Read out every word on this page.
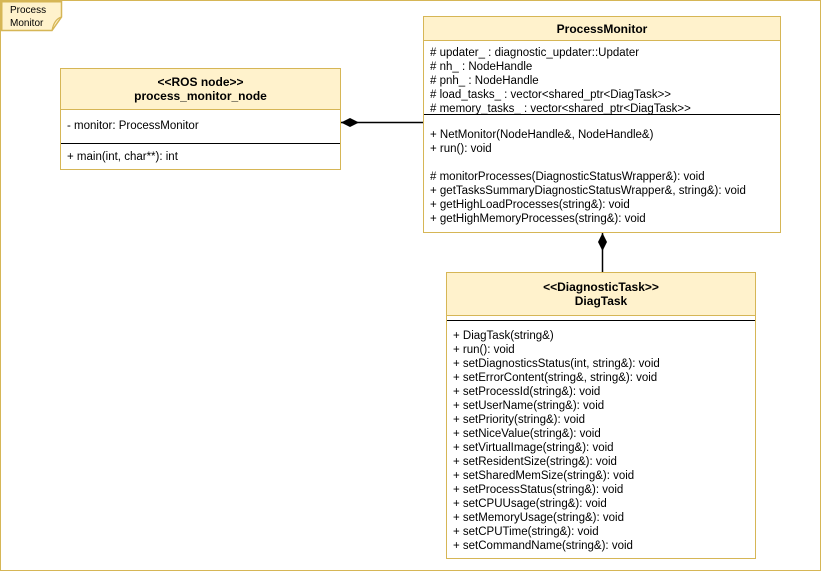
Process
Monitor
<<ROS node>>
process_monitor_node
- monitor: ProcessMonitor
+ main(int, char**): int
ProcessMonitor
# updater_ : diagnostic_updater::Updater
# nh_ : NodeHandle
# pnh_ : NodeHandle
# load_tasks_ : vector<shared_ptr<DiagTask>>
# memory_tasks_ : vector<shared_ptr<DiagTask>>
+ NetMonitor(NodeHandle&, NodeHandle&)
+ run(): void
# monitorProcesses(DiagnosticStatusWrapper&): void
+ getTasksSummaryDiagnosticStatusWrapper&, string&): void
+ getHighLoadProcesses(string&): void
+ getHighMemoryProcesses(string&): void
<<DiagnosticTask>>
DiagTask
+ DiagTask(string&)
+ run(): void
+ setDiagnosticsStatus(int, string&): void
+ setErrorContent(string&, string&): void
+ setProcessId(string&): void
+ setUserName(string&): void
+ setPriority(string&): void
+ setNiceValue(string&): void
+ setVirtualImage(string&): void
+ setResidentSize(string&): void
+ setSharedMemSize(string&): void
+ setProcessStatus(string&): void
+ setCPUUsage(string&): void
+ setMemoryUsage(string&): void
+ setCPUTime(string&): void
+ setCommandName(string&): void
